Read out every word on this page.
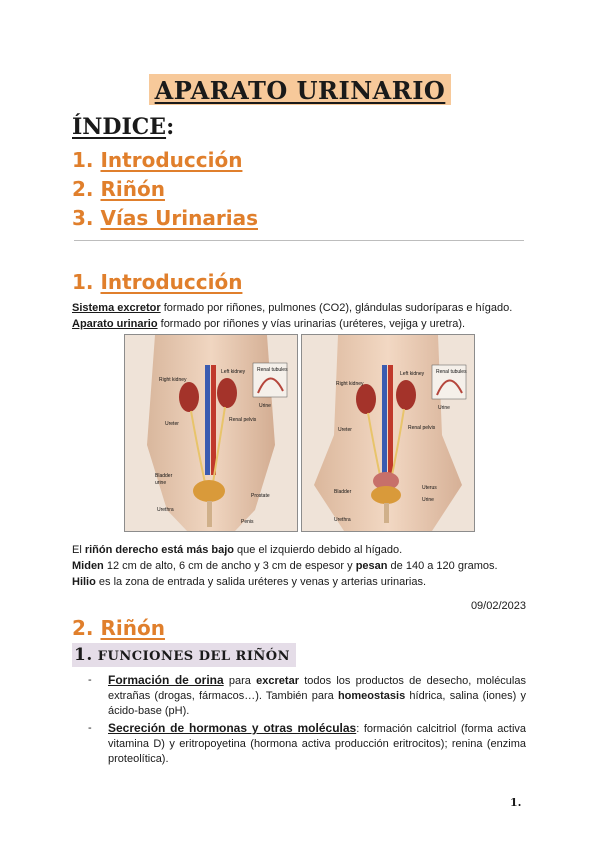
APARATO URINARIO
ÍNDICE:
1. Introducción
2. Riñón
3. Vías Urinarias
1. Introducción
Sistema excretor formado por riñones, pulmones (CO2), glándulas sudoríparas e hígado.
Aparato urinario formado por riñones y vías urinarias (uréteres, vejiga y uretra).
Right kidney
Left kidney Renal tubules
Ureter
Renal pelvis
Urine
Bladder
urine
Prostate
Urethra
Penis
Right kidney
Left kidney Renal tubules
Ureter	Renal pelvis
Urine
Bladder
Uterus
Urine
Urethra
El riñón derecho está más bajo que el izquierdo debido al hígado.
Miden 12 cm de alto, 6 cm de ancho y 3 cm de espesor y pesan de 140 a 120 gramos.
Hilio es la zona de entrada y salida uréteres y venas y arterias urinarias.
09/02/2023
2. Riñón
1. FUNCIONES DEL RIÑÓN
- Formación de orina para excretar todos los productos de desecho, moléculas extrañas (drogas, fármacos…). También para homeostasis hídrica, salina (iones) y ácido-base (pH).
- Secreción de hormonas y otras moléculas: formación calcitriol (forma activa vitamina D) y eritropoyetina (hormona activa producción eritrocitos); renina (enzima proteolítica).
1.
